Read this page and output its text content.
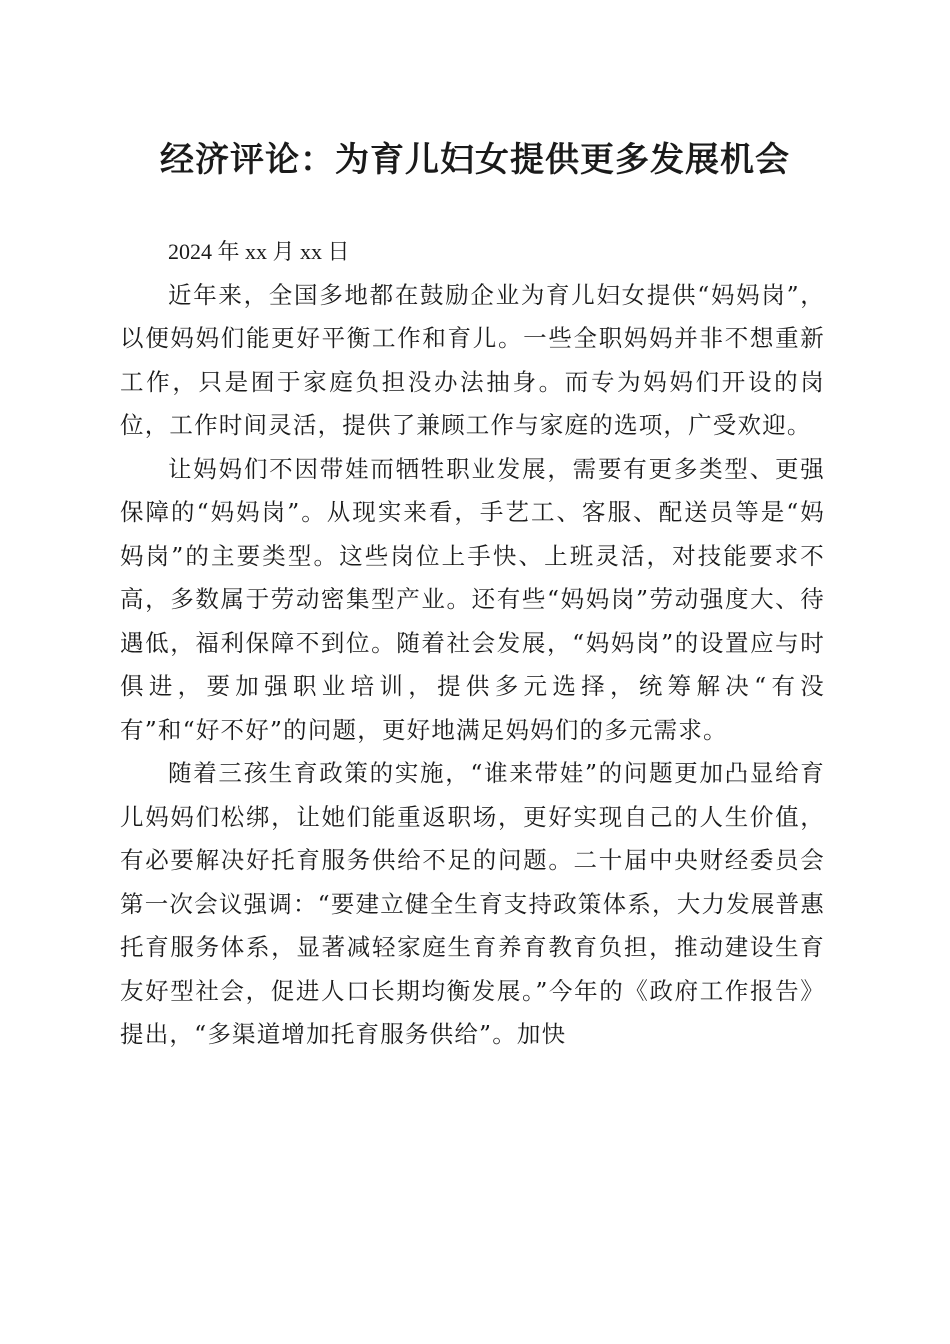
经济评论：为育儿妇女提供更多发展机会

2024 年 xx 月 xx 日

近年来，全国多地都在鼓励企业为育儿妇女提供“妈妈岗”，以便妈妈们能更好平衡工作和育儿。一些全职妈妈并非不想重新工作，只是囿于家庭负担没办法抽身。而专为妈妈们开设的岗位，工作时间灵活，提供了兼顾工作与家庭的选项，广受欢迎。

让妈妈们不因带娃而牺牲职业发展，需要有更多类型、更强保障的“妈妈岗”。从现实来看，手艺工、客服、配送员等是“妈妈岗”的主要类型。这些岗位上手快、上班灵活，对技能要求不高，多数属于劳动密集型产业。还有些“妈妈岗”劳动强度大、待遇低，福利保障不到位。随着社会发展，“妈妈岗”的设置应与时俱进，要加强职业培训，提供多元选择，统筹解决“有没有”和“好不好”的问题，更好地满足妈妈们的多元需求。

随着三孩生育政策的实施，“谁来带娃”的问题更加凸显给育儿妈妈们松绑，让她们能重返职场，更好实现自己的人生价值，有必要解决好托育服务供给不足的问题。二十届中央财经委员会第一次会议强调：“要建立健全生育支持政策体系，大力发展普惠托育服务体系，显著减轻家庭生育养育教育负担，推动建设生育友好型社会，促进人口长期均衡发展。”今年的《政府工作报告》提出，“多渠道增加托育服务供给”。加快
